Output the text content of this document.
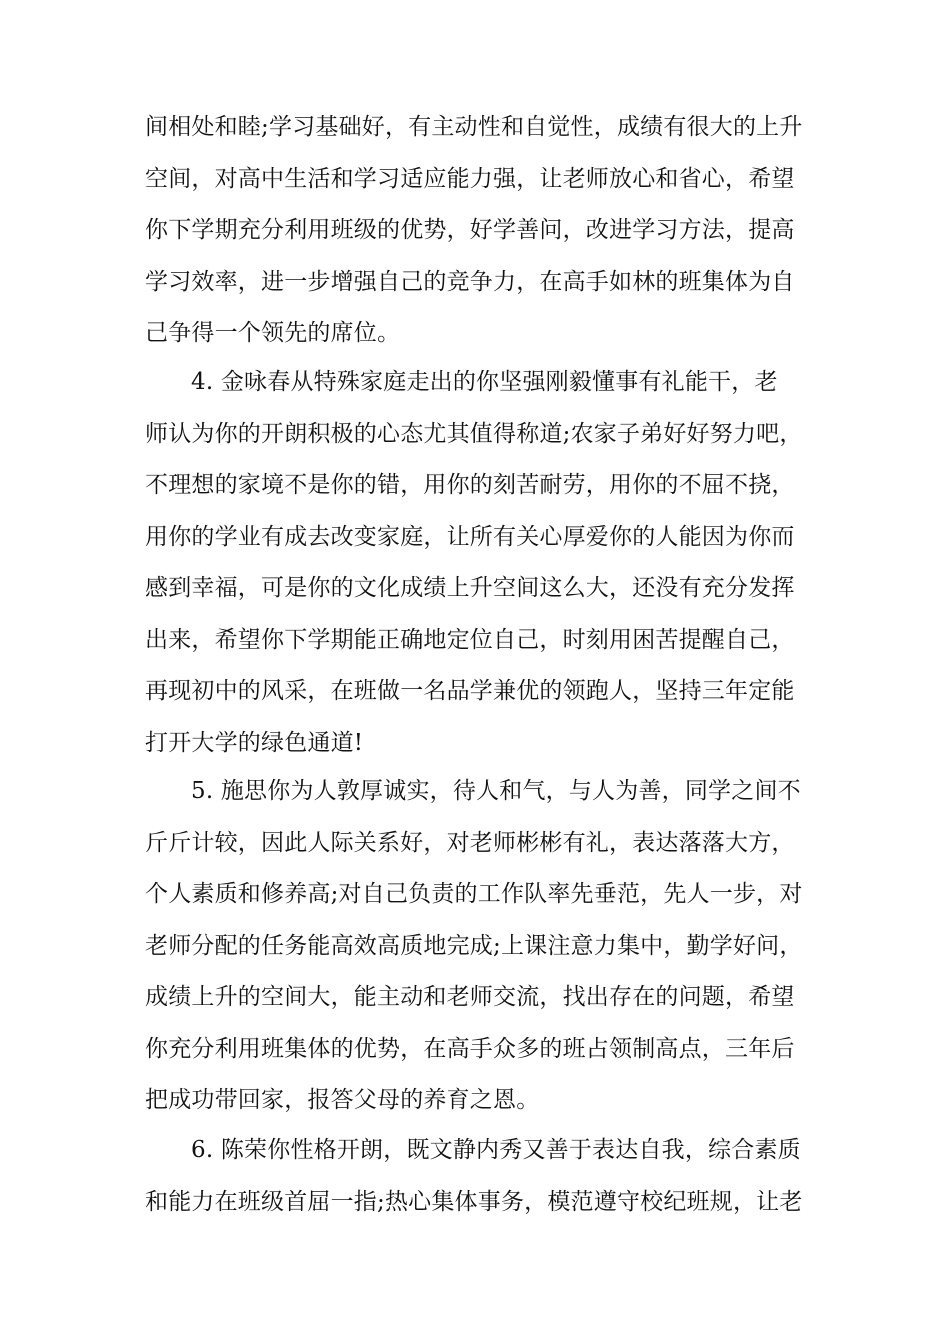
间相处和睦;学习基础好，有主动性和自觉性，成绩有很大的上升
空间，对高中生活和学习适应能力强，让老师放心和省心，希望
你下学期充分利用班级的优势，好学善问，改进学习方法，提高
学习效率，进一步增强自己的竞争力，在高手如林的班集体为自
己争得一个领先的席位。
4. 金咏春从特殊家庭走出的你坚强刚毅懂事有礼能干，老
师认为你的开朗积极的心态尤其值得称道;农家子弟好好努力吧，
不理想的家境不是你的错，用你的刻苦耐劳，用你的不屈不挠，
用你的学业有成去改变家庭，让所有关心厚爱你的人能因为你而
感到幸福，可是你的文化成绩上升空间这么大，还没有充分发挥
出来，希望你下学期能正确地定位自己，时刻用困苦提醒自己，
再现初中的风采，在班做一名品学兼优的领跑人，坚持三年定能
打开大学的绿色通道!
5. 施思你为人敦厚诚实，待人和气，与人为善，同学之间不
斤斤计较，因此人际关系好，对老师彬彬有礼，表达落落大方，
个人素质和修养高;对自己负责的工作队率先垂范，先人一步，对
老师分配的任务能高效高质地完成;上课注意力集中，勤学好问，
成绩上升的空间大，能主动和老师交流，找出存在的问题，希望
你充分利用班集体的优势，在高手众多的班占领制高点，三年后
把成功带回家，报答父母的养育之恩。
6. 陈荣你性格开朗，既文静内秀又善于表达自我，综合素质
和能力在班级首屈一指;热心集体事务，模范遵守校纪班规，让老
